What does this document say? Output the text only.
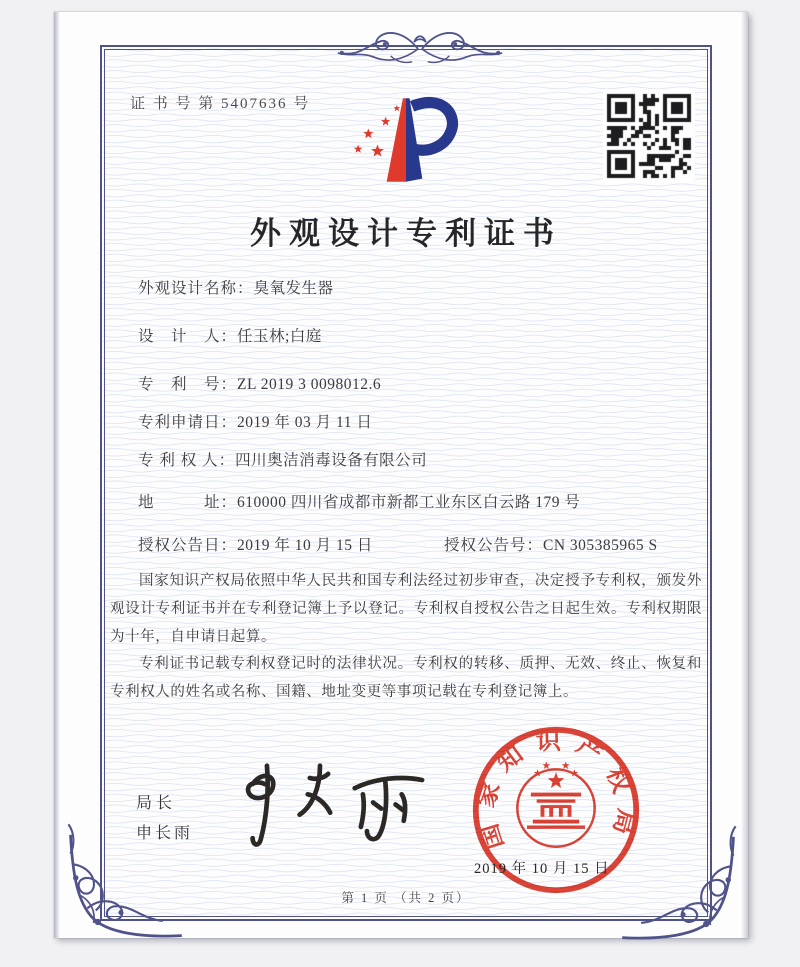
证 书 号 第 5407636 号
外观设计专利证书
外观设计名称：臭氧发生器
设　计　人：任玉林;白庭
专　利　号：ZL 2019 3 0098012.6
专利申请日：2019 年 03 月 11 日
专 利 权 人：四川奥洁消毒设备有限公司
地　　　址：610000 四川省成都市新都工业东区白云路 179 号
授权公告日：2019 年 10 月 15 日	授权公告号：CN 305385965 S

国家知识产权局依照中华人民共和国专利法经过初步审查，决定授予专利权，颁发外观设计专利证书并在专利登记簿上予以登记。专利权自授权公告之日起生效。专利权期限为十年，自申请日起算。

专利证书记载专利权登记时的法律状况。专利权的转移、质押、无效、终止、恢复和专利权人的姓名或名称、国籍、地址变更等事项记载在专利登记簿上。

局长
申长雨	国家知识产权局
2019 年 10 月 15 日
第 1 页 （共 2 页）
